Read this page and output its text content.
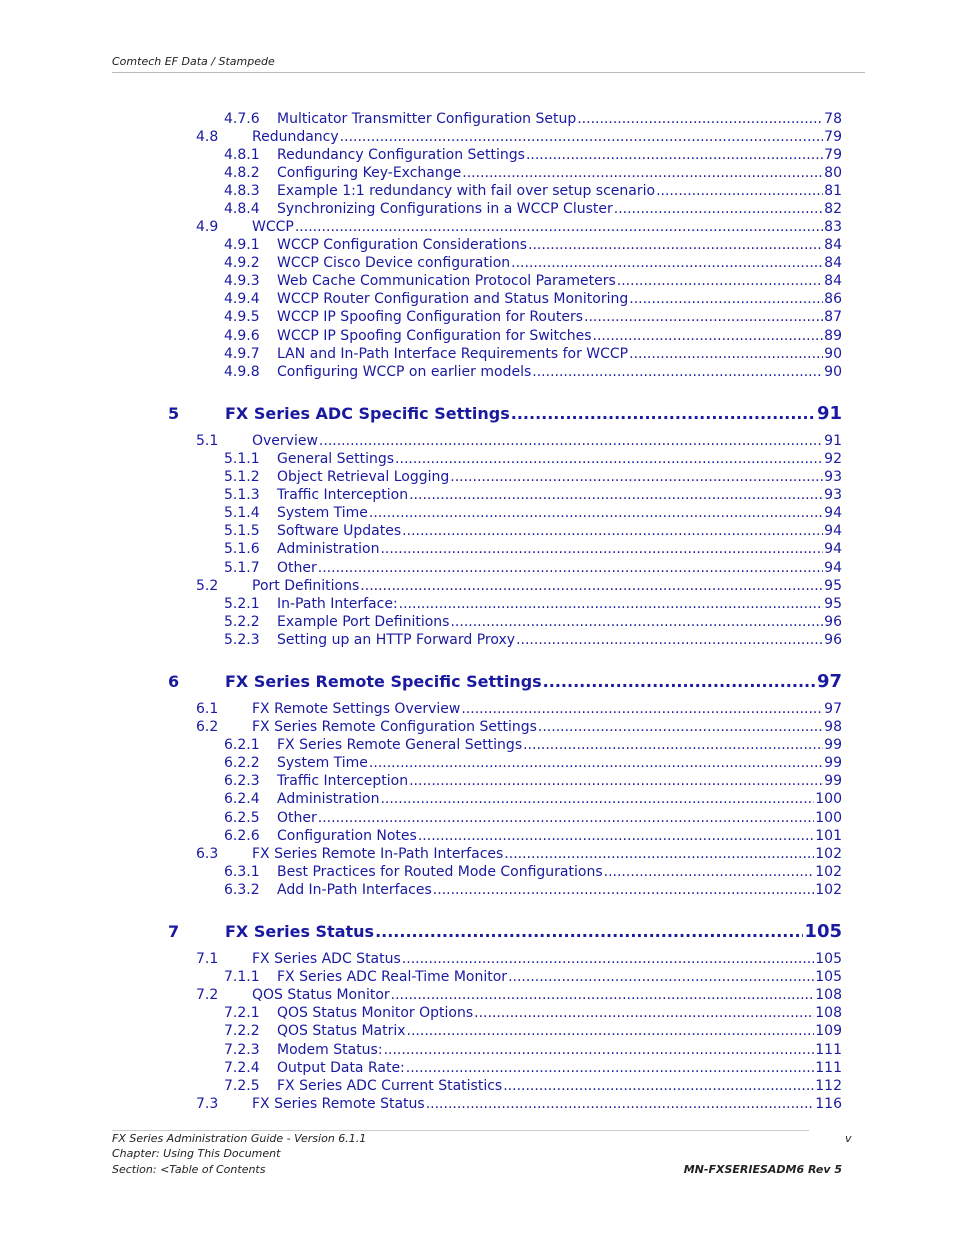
Comtech EF Data / Stampede
4.7.6	Multicator Transmitter Configuration Setup .....	78
4.8	Redundancy .....	79
4.8.1	Redundancy Configuration Settings .....	79
4.8.2	Configuring Key-Exchange .....	80
4.8.3	Example 1:1 redundancy with fail over setup scenario .....	81
4.8.4	Synchronizing Configurations in a WCCP Cluster .....	82
4.9	WCCP .....	83
4.9.1	WCCP Configuration Considerations .....	84
4.9.2	WCCP Cisco Device configuration .....	84
4.9.3	Web Cache Communication Protocol Parameters .....	84
4.9.4	WCCP Router Configuration and Status Monitoring .....	86
4.9.5	WCCP IP Spoofing Configuration for Routers .....	87
4.9.6	WCCP IP Spoofing Configuration for Switches .....	89
4.9.7	LAN and In-Path Interface Requirements for WCCP .....	90
4.9.8	Configuring WCCP on earlier models .....	90
5	FX Series ADC Specific Settings .....	91
5.1	Overview .....	91
5.1.1	General Settings .....	92
5.1.2	Object Retrieval Logging .....	93
5.1.3	Traffic Interception .....	93
5.1.4	System Time .....	94
5.1.5	Software Updates .....	94
5.1.6	Administration .....	94
5.1.7	Other .....	94
5.2	Port Definitions .....	95
5.2.1	In-Path Interface: .....	95
5.2.2	Example Port Definitions .....	96
5.2.3	Setting up an HTTP Forward Proxy .....	96
6	FX Series Remote Specific Settings .....	97
6.1	FX Remote Settings Overview .....	97
6.2	FX Series Remote Configuration Settings .....	98
6.2.1	FX Series Remote General Settings .....	99
6.2.2	System Time .....	99
6.2.3	Traffic Interception .....	99
6.2.4	Administration .....	100
6.2.5	Other .....	100
6.2.6	Configuration Notes .....	101
6.3	FX Series Remote In-Path Interfaces .....	102
6.3.1	Best Practices for Routed Mode Configurations .....	102
6.3.2	Add In-Path Interfaces .....	102
7	FX Series Status .....	105
7.1	FX Series ADC Status .....	105
7.1.1	FX Series ADC Real-Time Monitor .....	105
7.2	QOS Status Monitor .....	108
7.2.1	QOS Status Monitor Options .....	108
7.2.2	QOS Status Matrix .....	109
7.2.3	Modem Status: .....	111
7.2.4	Output Data Rate: .....	111
7.2.5	FX Series ADC Current Statistics .....	112
7.3	FX Series Remote Status .....	116
FX Series Administration Guide - Version 6.1.1
Chapter: Using This Document
Section: <Table of Contents
v
MN-FXSERIESADM6 Rev 5
